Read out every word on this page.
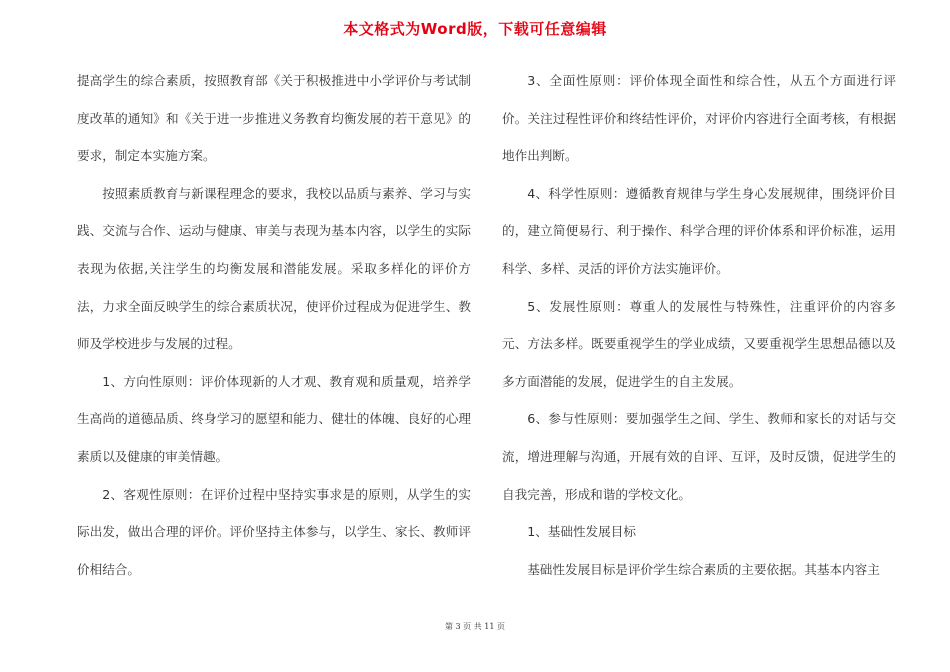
本文格式为Word版，下载可任意编辑

提高学生的综合素质，按照教育部《关于积极推进中小学评价与考试制度改革的通知》和《关于进一步推进义务教育均衡发展的若干意见》的要求，制定本实施方案。

按照素质教育与新课程理念的要求，我校以品质与素养、学习与实践、交流与合作、运动与健康、审美与表现为基本内容，以学生的实际表现为依据,关注学生的均衡发展和潜能发展。采取多样化的评价方法，力求全面反映学生的综合素质状况，使评价过程成为促进学生、教师及学校进步与发展的过程。

1、方向性原则：评价体现新的人才观、教育观和质量观，培养学生高尚的道德品质、终身学习的愿望和能力、健壮的体魄、良好的心理素质以及健康的审美情趣。

2、客观性原则：在评价过程中坚持实事求是的原则，从学生的实际出发，做出合理的评价。评价坚持主体参与，以学生、家长、教师评价相结合。

3、全面性原则：评价体现全面性和综合性，从五个方面进行评价。关注过程性评价和终结性评价，对评价内容进行全面考核，有根据地作出判断。

4、科学性原则：遵循教育规律与学生身心发展规律，围绕评价目的，建立简便易行、利于操作、科学合理的评价体系和评价标准，运用科学、多样、灵活的评价方法实施评价。

5、发展性原则：尊重人的发展性与特殊性，注重评价的内容多元、方法多样。既要重视学生的学业成绩，又要重视学生思想品德以及多方面潜能的发展，促进学生的自主发展。

6、参与性原则：要加强学生之间、学生、教师和家长的对话与交流，增进理解与沟通，开展有效的自评、互评，及时反馈，促进学生的自我完善，形成和谐的学校文化。

1、基础性发展目标

基础性发展目标是评价学生综合素质的主要依据。其基本内容主

第 3 页 共 11 页
